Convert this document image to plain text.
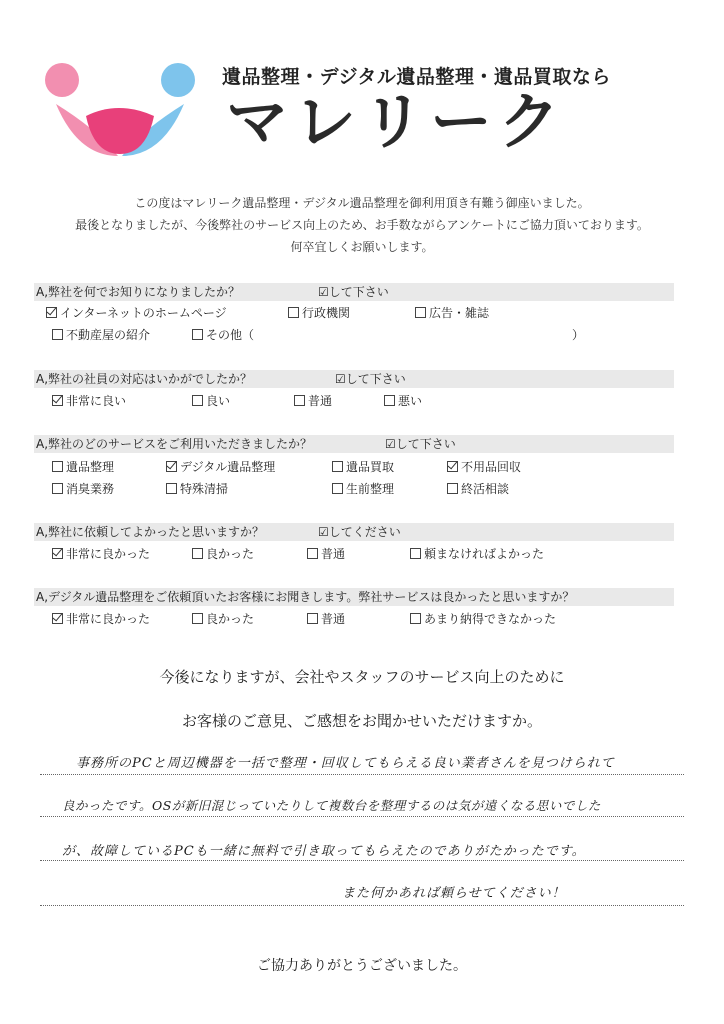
遺品整理・デジタル遺品整理・遺品買取なら
マレリーク
この度はマレリーク遺品整理・デジタル遺品整理を御利用頂き有難う御座いました。
最後となりましたが、今後弊社のサービス向上のため、お手数ながらアンケートにご協力頂いております。
何卒宜しくお願いします。
A,弊社を何でお知りになりましたか？	☑して下さい
インターネットのホームページ	行政機関	広告・雑誌
不動産屋の紹介	その他（	）
A,弊社の社員の対応はいかがでしたか？	☑して下さい
非常に良い	良い	普通	悪い
A,弊社のどのサービスをご利用いただきましたか？	☑して下さい
遺品整理	デジタル遺品整理	遺品買取	不用品回収
消臭業務	特殊清掃	生前整理	終活相談
A,弊社に依頼してよかったと思いますか？	☑してください
非常に良かった	良かった	普通	頼まなければよかった
A,デジタル遺品整理をご依頼頂いたお客様にお聞きします。弊社サービスは良かったと思いますか？
非常に良かった	良かった	普通	あまり納得できなかった
今後になりますが、会社やスタッフのサービス向上のために
お客様のご意見、ご感想をお聞かせいただけますか。
事務所のPCと周辺機器を一括で整理・回収してもらえる良い業者さんを見つけられて
良かったです。OSが新旧混じっていたりして複数台を整理するのは気が遠くなる思いでした
が、故障しているPCも一緒に無料で引き取ってもらえたのでありがたかったです。
また何かあれば頼らせてください！
ご協力ありがとうございました。
